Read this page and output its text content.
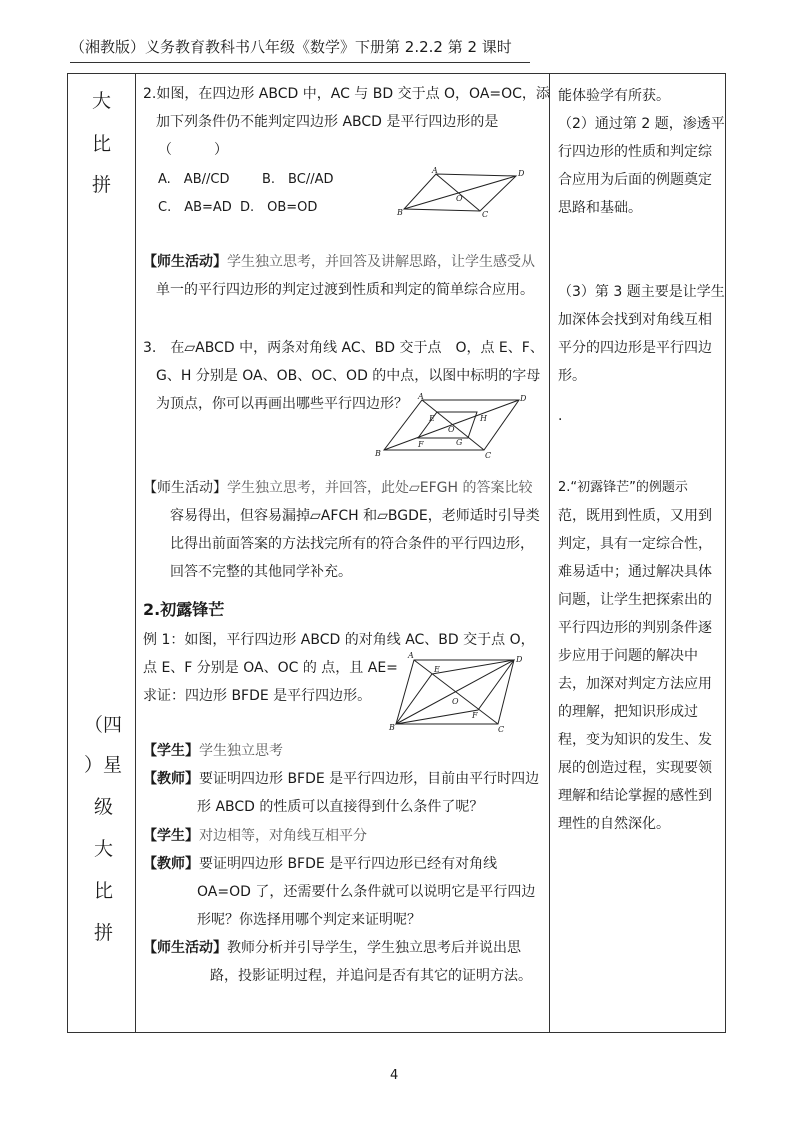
（湘教版）义务教育教科书八年级《数学》下册第 2.2.2 第 2 课时
大
比
拼
（四
）星
级
大
比
拼
2.如图，在四边形 ABCD 中，AC 与 BD 交于点 O，OA=OC，添
加下列条件仍不能判定四边形 ABCD 是平行四边形的是
（　　　）
A.　AB//CD	B.　BC//AD
C.　AB=AD D.　OB=OD
A	D
B	C
O
【师生活动】学生独立思考，并回答及讲解思路，让学生感受从
单一的平行四边形的判定过渡到性质和判定的简单综合应用。
3.　在▱ABCD 中，两条对角线 AC、BD 交于点　O，点 E、F、
G、H 分别是 OA、OB、OC、OD 的中点，以图中标明的字母
为顶点，你可以再画出哪些平行四边形？ A	D
B	C
E	H
O
F	G
【师生活动】学生独立思考，并回答，此处▱EFGH 的答案比较
容易得出，但容易漏掉▱AFCH 和▱BGDE，老师适时引导类
比得出前面答案的方法找完所有的符合条件的平行四边形，
回答不完整的其他同学补充。
2.初露锋芒
例 1：如图，平行四边形 ABCD 的对角线 AC、BD 交于点 O，
点 E、F 分别是 OA、OC 的 点，且 AE=
求证：四边形 BFDE 是平行四边形。
A	D
B	C
E
O
F
【学生】学生独立思考
【教师】要证明四边形 BFDE 是平行四边形，目前由平行时四边
形 ABCD 的性质可以直接得到什么条件了呢？
【学生】对边相等，对角线互相平分
【教师】要证明四边形 BFDE 是平行四边形已经有对角线
OA=OD 了，还需要什么条件就可以说明它是平行四边
形呢？你选择用哪个判定来证明呢？
【师生活动】教师分析并引导学生，学生独立思考后并说出思
路，投影证明过程，并追问是否有其它的证明方法。
能体验学有所获。
（2）通过第 2 题，渗透平
行四边形的性质和判定综
合应用为后面的例题奠定
思路和基础。
（3）第 3 题主要是让学生
加深体会找到对角线互相
平分的四边形是平行四边
形。
.
2.“初露锋芒”的例题示
范，既用到性质，又用到
判定，具有一定综合性，
难易适中；通过解决具体
问题，让学生把探索出的
平行四边形的判别条件逐
步应用于问题的解决中
去，加深对判定方法应用
的理解，把知识形成过
程，变为知识的发生、发
展的创造过程，实现要领
理解和结论掌握的感性到
理性的自然深化。
4
